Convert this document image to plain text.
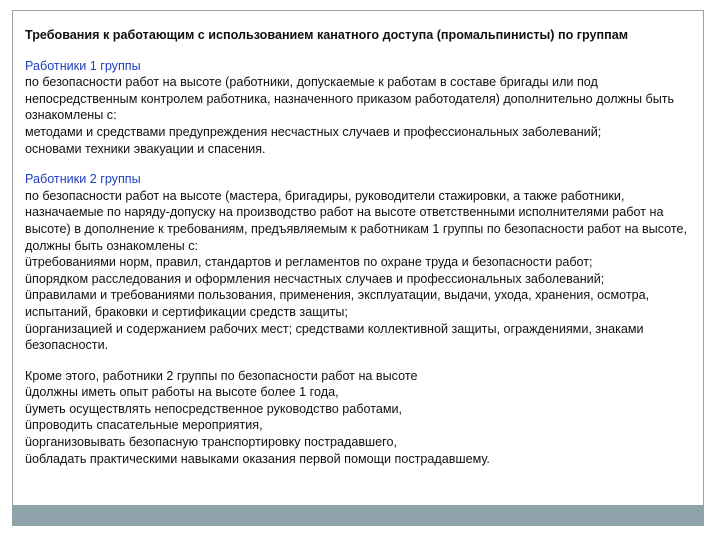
Требования к работающим с использованием канатного доступа (промальпинисты) по группам
Работники 1 группы
по безопасности работ на высоте (работники, допускаемые к работам в составе бригады или под непосредственным контролем работника, назначенного приказом работодателя) дополнительно должны быть ознакомлены с:
методами и средствами предупреждения несчастных случаев и профессиональных заболеваний;
основами техники эвакуации и спасения.
Работники 2 группы
по безопасности работ на высоте (мастера, бригадиры, руководители стажировки, а также работники, назначаемые по наряду-допуску на производство работ на высоте ответственными исполнителями работ на высоте) в дополнение к требованиям, предъявляемым к работникам 1 группы по безопасности работ на высоте, должны быть ознакомлены с:
ü требованиями норм, правил, стандартов и регламентов по охране труда и безопасности работ;
ü порядком расследования и оформления несчастных случаев и профессиональных заболеваний;
ü правилами и требованиями пользования, применения, эксплуатации, выдачи, ухода, хранения, осмотра, испытаний, браковки и сертификации средств защиты;
ü организацией и содержанием рабочих мест; средствами коллективной защиты, ограждениями, знаками безопасности.
Кроме этого, работники 2 группы по безопасности работ на высоте
ü должны иметь опыт работы на высоте более 1 года,
ü уметь осуществлять непосредственное руководство работами,
ü проводить спасательные мероприятия,
ü организовывать безопасную транспортировку пострадавшего,
ü обладать практическими навыками оказания первой помощи пострадавшему.
